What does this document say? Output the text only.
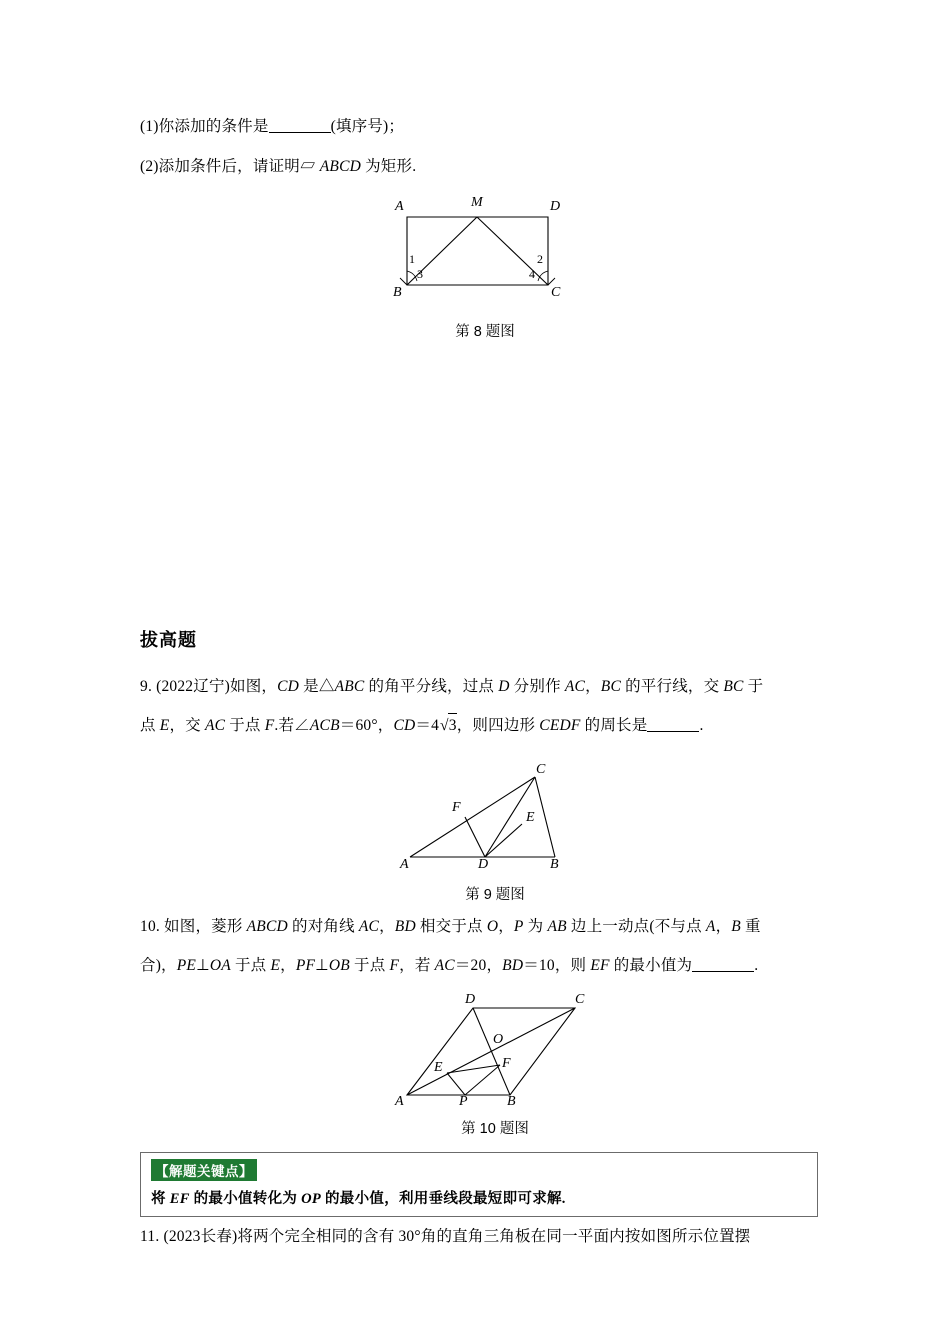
(1)你添加的条件是	(填序号)；

(2)添加条件后，请证明▱ ABCD 为矩形.

A	M	D
B	C
1
3
2
4
第 8 题图
拔高题

9. (2022辽宁)如图，CD 是△ABC 的角平分线，过点 D 分别作 AC，BC 的平行线，交 BC 于

点 E，交 AC 于点 F.若∠ACB＝60°，CD＝4√
3，则四边形 CEDF 的周长是	.

C
F
E
A	D	B
第 9 题图

10. 如图，菱形 ABCD 的对角线 AC，BD 相交于点 O，P 为 AB 边上一动点(不与点 A，B 重

合)，PE⊥OA 于点 E，PF⊥OB 于点 F，若 AC＝20，BD＝10，则 EF 的最小值为	.

D	C
O
E	F
A	P	B
第 10 题图
【解题关键点】
将 EF 的最小值转化为 OP 的最小值，利用垂线段最短即可求解.

11. (2023长春)将两个完全相同的含有 30°角的直角三角板在同一平面内按如图所示位置摆
